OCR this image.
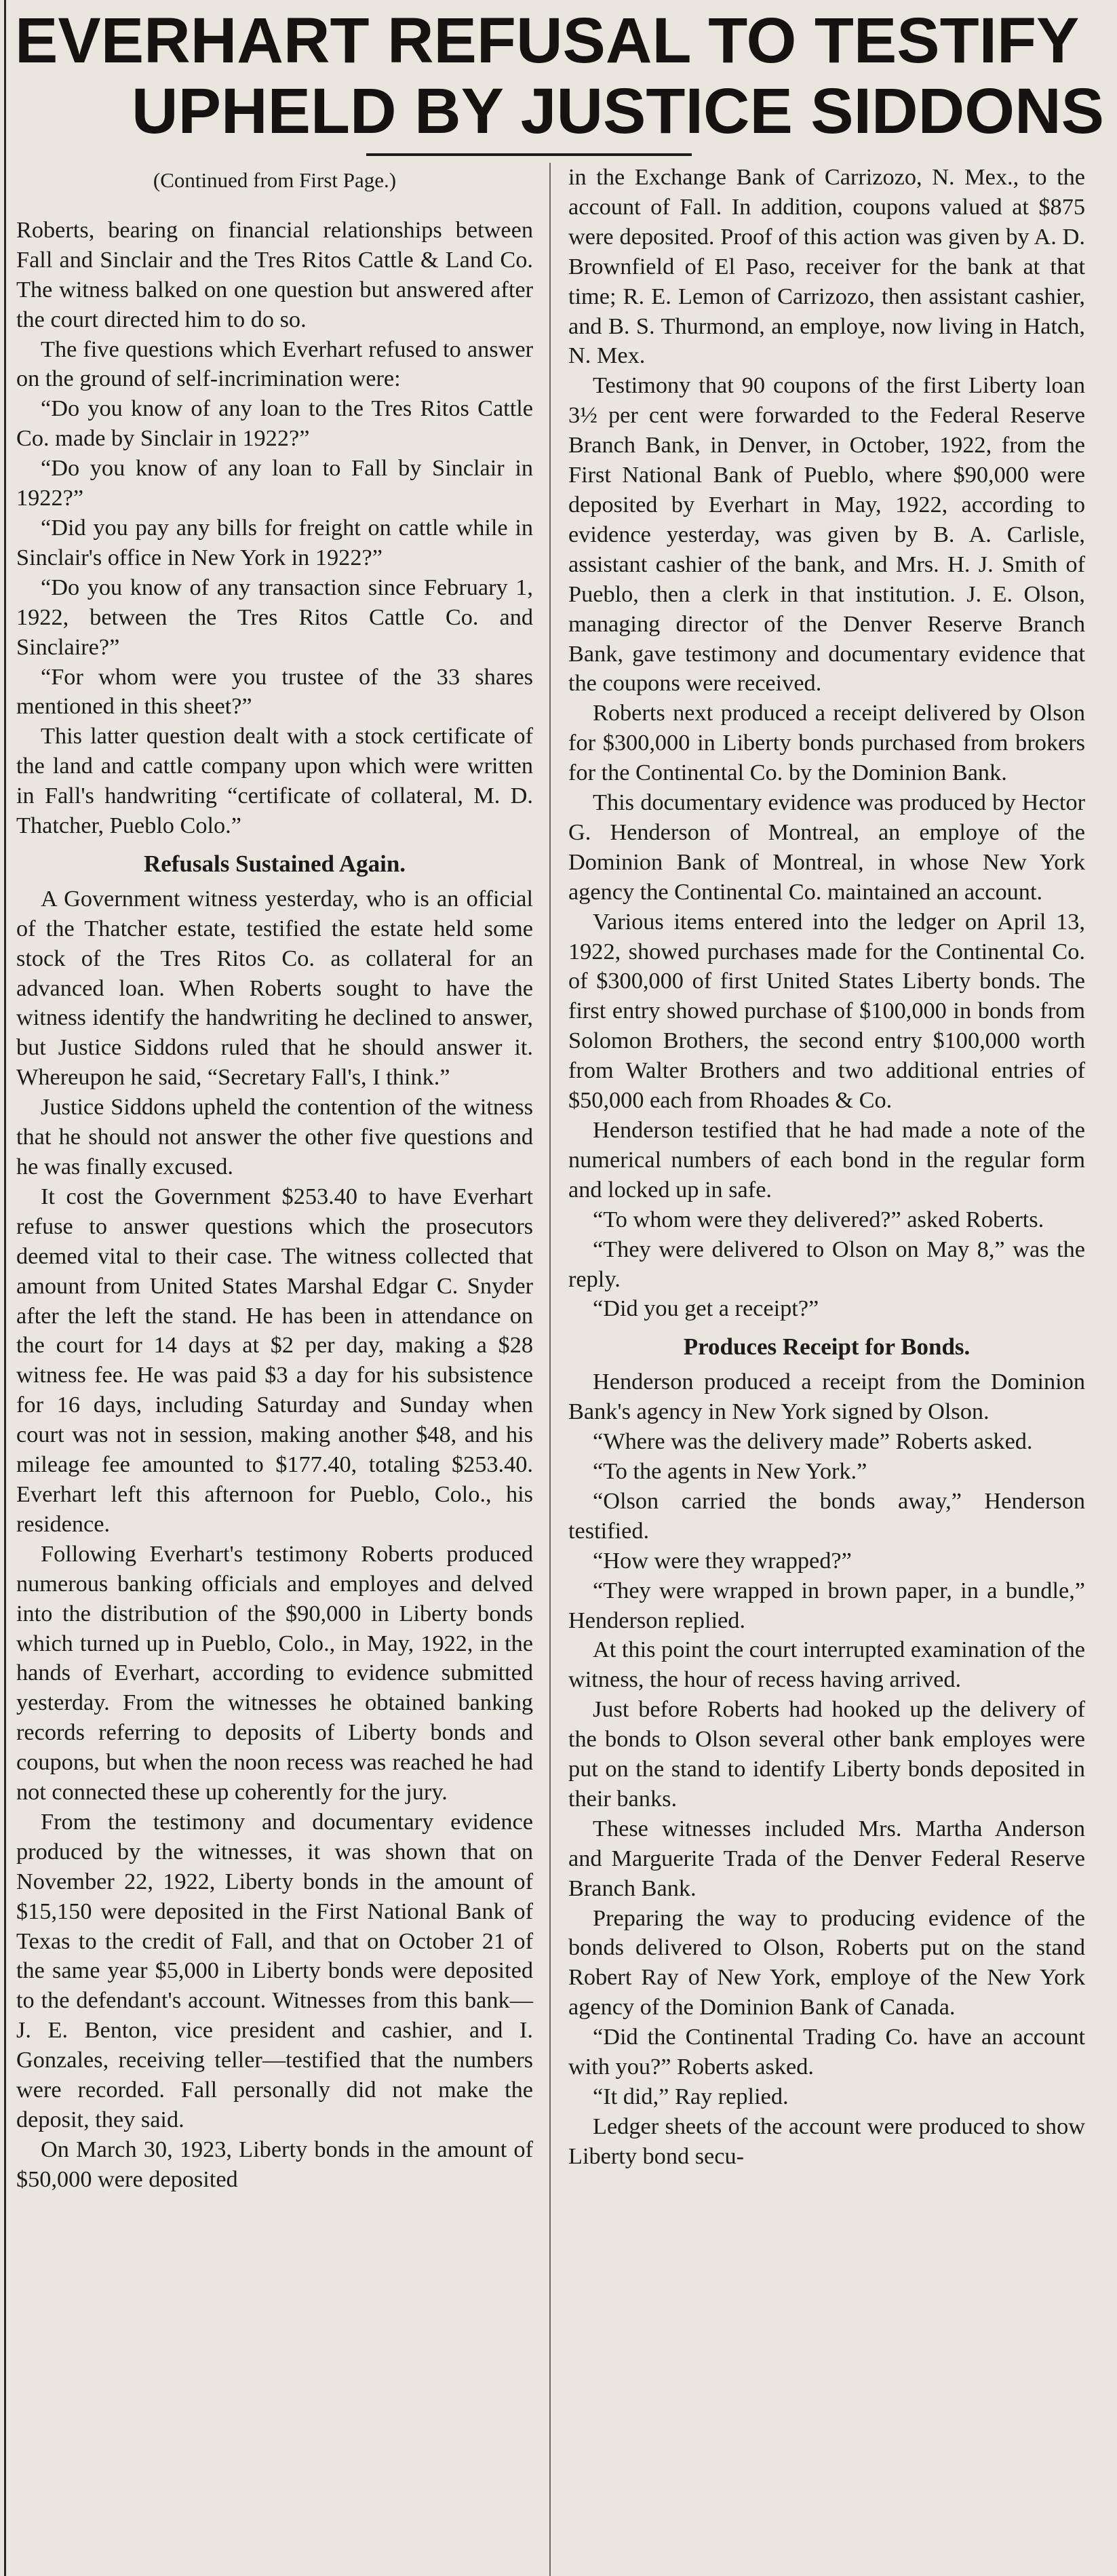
EVERHART REFUSAL TO TESTIFY
UPHELD BY JUSTICE SIDDONS

(Continued from First Page.)

Roberts, bearing on financial relationships between Fall and Sinclair and the Tres Ritos Cattle & Land Co. The witness balked on one question but answered after the court directed him to do so.

The five questions which Everhart refused to answer on the ground of self-incrimination were:

“Do you know of any loan to the Tres Ritos Cattle Co. made by Sinclair in 1922?”

“Do you know of any loan to Fall by Sinclair in 1922?”

“Did you pay any bills for freight on cattle while in Sinclair's office in New York in 1922?”

“Do you know of any transaction since February 1, 1922, between the Tres Ritos Cattle Co. and Sinclaire?”

“For whom were you trustee of the 33 shares mentioned in this sheet?”

This latter question dealt with a stock certificate of the land and cattle company upon which were written in Fall's handwriting “certificate of collateral, M. D. Thatcher, Pueblo Colo.”

Refusals Sustained Again.

A Government witness yesterday, who is an official of the Thatcher estate, testified the estate held some stock of the Tres Ritos Co. as collateral for an advanced loan. When Roberts sought to have the witness identify the handwriting he declined to answer, but Justice Siddons ruled that he should answer it. Whereupon he said, “Secretary Fall's, I think.”

Justice Siddons upheld the contention of the witness that he should not answer the other five questions and he was finally excused.

It cost the Government $253.40 to have Everhart refuse to answer questions which the prosecutors deemed vital to their case. The witness collected that amount from United States Marshal Edgar C. Snyder after the left the stand. He has been in attendance on the court for 14 days at $2 per day, making a $28 witness fee. He was paid $3 a day for his subsistence for 16 days, including Saturday and Sunday when court was not in session, making another $48, and his mileage fee amounted to $177.40, totaling $253.40. Everhart left this afternoon for Pueblo, Colo., his residence.

Following Everhart's testimony Roberts produced numerous banking officials and employes and delved into the distribution of the $90,000 in Liberty bonds which turned up in Pueblo, Colo., in May, 1922, in the hands of Everhart, according to evidence submitted yesterday. From the witnesses he obtained banking records referring to deposits of Liberty bonds and coupons, but when the noon recess was reached he had not connected these up coherently for the jury.

From the testimony and documentary evidence produced by the witnesses, it was shown that on November 22, 1922, Liberty bonds in the amount of $15,150 were deposited in the First National Bank of Texas to the credit of Fall, and that on October 21 of the same year $5,000 in Liberty bonds were deposited to the defendant's account. Witnesses from this bank—J. E. Benton, vice president and cashier, and I. Gonzales, receiving teller—testified that the numbers were recorded. Fall personally did not make the deposit, they said.

On March 30, 1923, Liberty bonds in the amount of $50,000 were deposited

in the Exchange Bank of Carrizozo, N. Mex., to the account of Fall. In addition, coupons valued at $875 were deposited. Proof of this action was given by A. D. Brownfield of El Paso, receiver for the bank at that time; R. E. Lemon of Carrizozo, then assistant cashier, and B. S. Thurmond, an employe, now living in Hatch, N. Mex.

Testimony that 90 coupons of the first Liberty loan 3½ per cent were forwarded to the Federal Reserve Branch Bank, in Denver, in October, 1922, from the First National Bank of Pueblo, where $90,000 were deposited by Everhart in May, 1922, according to evidence yesterday, was given by B. A. Carlisle, assistant cashier of the bank, and Mrs. H. J. Smith of Pueblo, then a clerk in that institution. J. E. Olson, managing director of the Denver Reserve Branch Bank, gave testimony and documentary evidence that the coupons were received.

Roberts next produced a receipt delivered by Olson for $300,000 in Liberty bonds purchased from brokers for the Continental Co. by the Dominion Bank.

This documentary evidence was produced by Hector G. Henderson of Montreal, an employe of the Dominion Bank of Montreal, in whose New York agency the Continental Co. maintained an account.

Various items entered into the ledger on April 13, 1922, showed purchases made for the Continental Co. of $300,000 of first United States Liberty bonds. The first entry showed purchase of $100,000 in bonds from Solomon Brothers, the second entry $100,000 worth from Walter Brothers and two additional entries of $50,000 each from Rhoades & Co.

Henderson testified that he had made a note of the numerical numbers of each bond in the regular form and locked up in safe.

“To whom were they delivered?” asked Roberts.

“They were delivered to Olson on May 8,” was the reply.

“Did you get a receipt?”

Produces Receipt for Bonds.

Henderson produced a receipt from the Dominion Bank's agency in New York signed by Olson.

“Where was the delivery made” Roberts asked.

“To the agents in New York.”

“Olson carried the bonds away,” Henderson testified.

“How were they wrapped?”

“They were wrapped in brown paper, in a bundle,” Henderson replied.

At this point the court interrupted examination of the witness, the hour of recess having arrived.

Just before Roberts had hooked up the delivery of the bonds to Olson several other bank employes were put on the stand to identify Liberty bonds deposited in their banks.

These witnesses included Mrs. Martha Anderson and Marguerite Trada of the Denver Federal Reserve Branch Bank.

Preparing the way to producing evidence of the bonds delivered to Olson, Roberts put on the stand Robert Ray of New York, employe of the New York agency of the Dominion Bank of Canada.

“Did the Continental Trading Co. have an account with you?” Roberts asked.

“It did,” Ray replied.

Ledger sheets of the account were produced to show Liberty bond secu-
